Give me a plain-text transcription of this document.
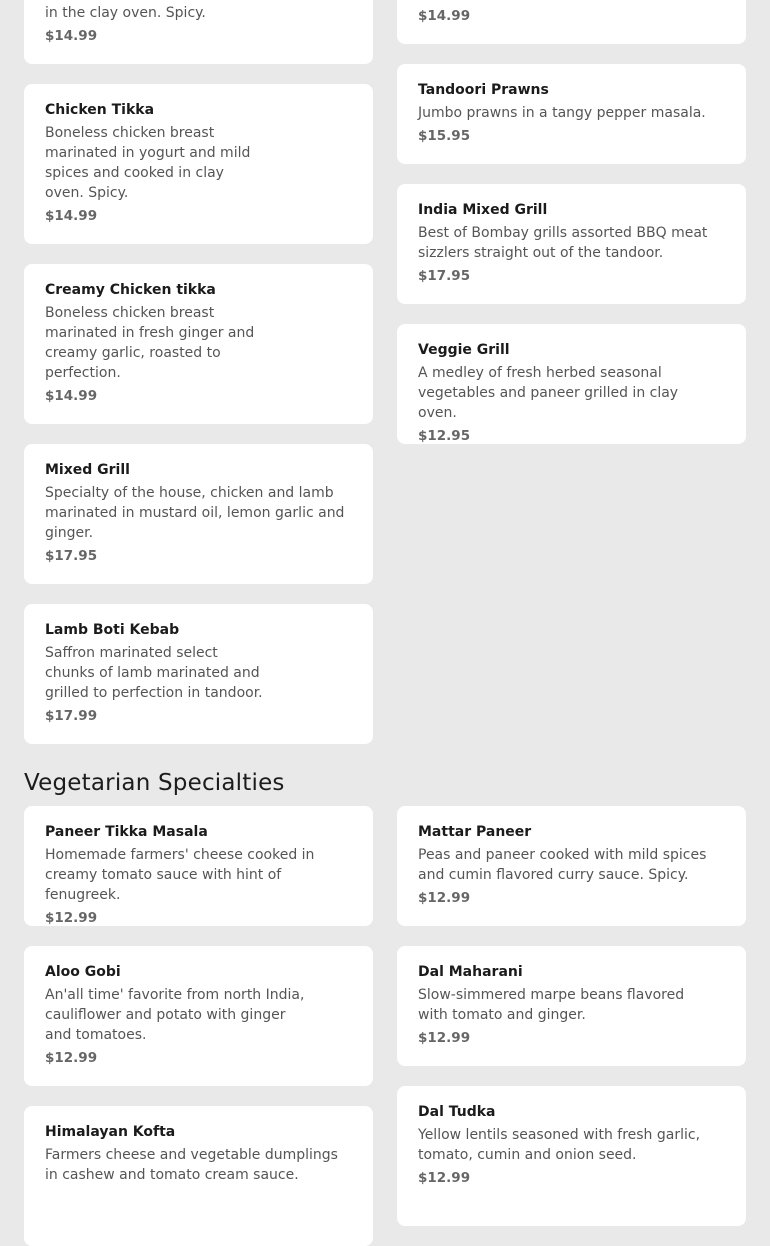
in the clay oven. Spicy.
$14.99
$14.99
Chicken Tikka
Boneless chicken breast marinated in yogurt and mild spices and cooked in clay oven. Spicy.
$14.99
Creamy Chicken tikka
Boneless chicken breast marinated in fresh ginger and creamy garlic, roasted to perfection.
$14.99
Mixed Grill
Specialty of the house, chicken and lamb marinated in mustard oil, lemon garlic and ginger.
$17.95
Lamb Boti Kebab
Saffron marinated select chunks of lamb marinated and grilled to perfection in tandoor.
$17.99
Tandoori Prawns
Jumbo prawns in a tangy pepper masala.
$15.95
India Mixed Grill
Best of Bombay grills assorted BBQ meat sizzlers straight out of the tandoor.
$17.95
Veggie Grill
A medley of fresh herbed seasonal vegetables and paneer grilled in clay oven.
$12.95
Vegetarian Specialties
Paneer Tikka Masala
Homemade farmers' cheese cooked in creamy tomato sauce with hint of fenugreek.
$12.99
Aloo Gobi
An'all time' favorite from north India, cauliflower and potato with ginger and tomatoes.
$12.99
Himalayan Kofta
Farmers cheese and vegetable dumplings in cashew and tomato cream sauce.
Mattar Paneer
Peas and paneer cooked with mild spices and cumin flavored curry sauce. Spicy.
$12.99
Dal Maharani
Slow-simmered marpe beans flavored with tomato and ginger.
$12.99
Dal Tudka
Yellow lentils seasoned with fresh garlic, tomato, cumin and onion seed.
$12.99
